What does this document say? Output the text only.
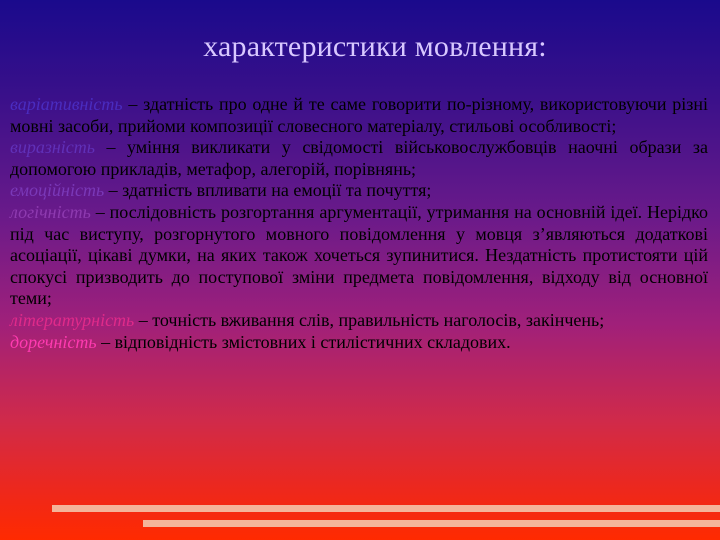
характеристики мовлення:

варіативність – здатність про одне й те саме говорити по-різному, використовуючи різні мовні засоби, прийоми композиції словесного матеріалу, стильові особливості;

виразність – уміння викликати у свідомості військовослужбовців наочні образи за допомогою прикладів, метафор, алегорій, порівнянь;

емоційність – здатність впливати на емоції та почуття;

логічність – послідовність розгортання аргументації, утримання на основній ідеї. Нерідко під час виступу, розгорнутого мовного повідомлення у мовця з’являються додаткові асоціації, цікаві думки, на яких також хочеться зупинитися. Нездатність протистояти цій спокусі призводить до поступової зміни предмета повідомлення, відходу від основної теми;

літературність – точність вживання слів, правильність наголосів, закінчень;

доречність – відповідність змістовних і стилістичних складових.
